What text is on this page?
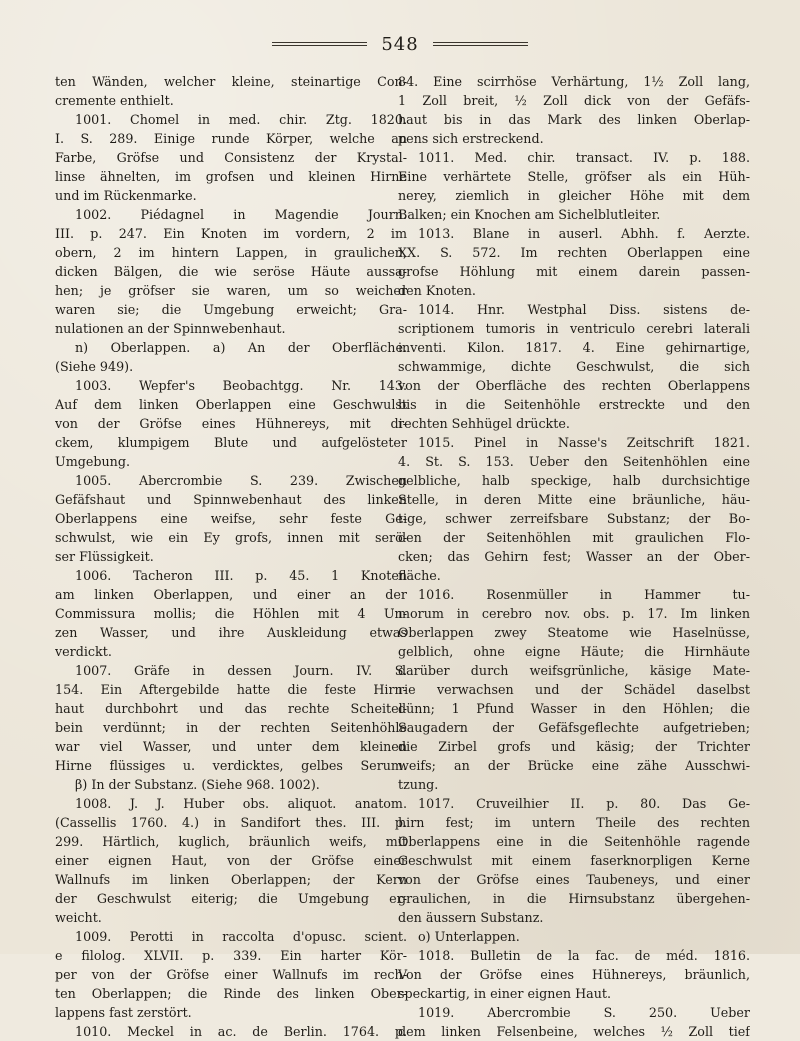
548
ten Wänden, welcher kleine, steinartige Con-
cremente enthielt.
1001. Chomel in med. chir. Ztg. 1820.
I. S. 289. Einige runde Körper, welche an
Farbe, Gröfse und Consistenz der Krystal-
linse ähnelten, im grofsen und kleinen Hirne
und im Rückenmarke.
1002. Piédagnel in Magendie Journ.
III. p. 247. Ein Knoten im vordern, 2 im
obern, 2 im hintern Lappen, in graulichen,
dicken Bälgen, die wie seröse Häute aussa-
hen; je gröfser sie waren, um so weicher
waren sie; die Umgebung erweicht; Gra-
nulationen an der Spinnwebenhaut.
n) Oberlappen. a) An der Oberfläche.
(Siehe 949).
1003. Wepfer's Beobachtgg. Nr. 143.
Auf dem linken Oberlappen eine Geschwulst
von der Gröfse eines Hühnereys, mit di-
ckem, klumpigem Blute und aufgelösteter
Umgebung.
1005. Abercrombie S. 239. Zwischen
Gefäfshaut und Spinnwebenhaut des linken
Oberlappens eine weifse, sehr feste Ge-
schwulst, wie ein Ey grofs, innen mit serö-
ser Flüssigkeit.
1006. Tacheron III. p. 45. 1 Knoten
am linken Oberlappen, und einer an der
Commissura mollis; die Höhlen mit 4 Un-
zen Wasser, und ihre Auskleidung etwas
verdickt.
1007. Gräfe in dessen Journ. IV. S.
154. Ein Aftergebilde hatte die feste Hirn-
haut durchbohrt und das rechte Scheitel-
bein verdünnt; in der rechten Seitenhöhle
war viel Wasser, und unter dem kleinen
Hirne flüssiges u. verdicktes, gelbes Serum.
β) In der Substanz. (Siehe 968. 1002).
1008. J. J. Huber obs. aliquot. anatom.
(Cassellis 1760. 4.) in Sandifort thes. III. p.
299. Härtlich, kuglich, bräunlich weifs, mit
einer eignen Haut, von der Gröfse einer
Wallnufs im linken Oberlappen; der Kern
der Geschwulst eiterig; die Umgebung er-
weicht.
1009. Perotti in raccolta d'opusc. scient.
e filolog. XLVII. p. 339. Ein harter Kör-
per von der Gröfse einer Wallnufs im rech-
ten Oberlappen; die Rinde des linken Ober-
lappens fast zerstört.
1010. Meckel in ac. de Berlin. 1764. p.
84. Eine scirrhöse Verhärtung, 1½ Zoll lang,
1 Zoll breit, ½ Zoll dick von der Gefäfs-
haut bis in das Mark des linken Oberlap-
pens sich erstreckend.
1011. Med. chir. transact. IV. p. 188.
Eine verhärtete Stelle, gröfser als ein Hüh-
nerey, ziemlich in gleicher Höhe mit dem
Balken; ein Knochen am Sichelblutleiter.
1013. Blane in auserl. Abhh. f. Aerzte.
XX. S. 572. Im rechten Oberlappen eine
grofse Höhlung mit einem darein passen-
den Knoten.
1014. Hnr. Westphal Diss. sistens de-
scriptionem tumoris in ventriculo cerebri laterali
inventi. Kilon. 1817. 4. Eine gehirnartige,
schwammige, dichte Geschwulst, die sich
von der Oberfläche des rechten Oberlappens
bis in die Seitenhöhle erstreckte und den
rechten Sehhügel drückte.
1015. Pinel in Nasse's Zeitschrift 1821.
4. St. S. 153. Ueber den Seitenhöhlen eine
gelbliche, halb speckige, halb durchsichtige
Stelle, in deren Mitte eine bräunliche, häu-
tige, schwer zerreifsbare Substanz; der Bo-
den der Seitenhöhlen mit graulichen Flo-
cken; das Gehirn fest; Wasser an der Ober-
fläche.
1016. Rosenmüller in Hammer tu-
morum in cerebro nov. obs. p. 17. Im linken
Oberlappen zwey Steatome wie Haselnüsse,
gelblich, ohne eigne Häute; die Hirnhäute
darüber durch weifsgrünliche, käsige Mate-
rie verwachsen und der Schädel daselbst
dünn; 1 Pfund Wasser in den Höhlen; die
Saugadern der Gefäfsgeflechte aufgetrieben;
die Zirbel grofs und käsig; der Trichter
weifs; an der Brücke eine zähe Ausschwi-
tzung.
1017. Cruveilhier II. p. 80. Das Ge-
hirn fest; im untern Theile des rechten
Oberlappens eine in die Seitenhöhle ragende
Geschwulst mit einem faserknorpligen Kerne
von der Gröfse eines Taubeneys, und einer
graulichen, in die Hirnsubstanz übergehen-
den äussern Substanz.
o) Unterlappen.
1018. Bulletin de la fac. de méd. 1816.
Von der Gröfse eines Hühnereys, bräunlich,
speckartig, in einer eignen Haut.
1019. Abercrombie S. 250. Ueber
dem linken Felsenbeine, welches ½ Zoll tief
